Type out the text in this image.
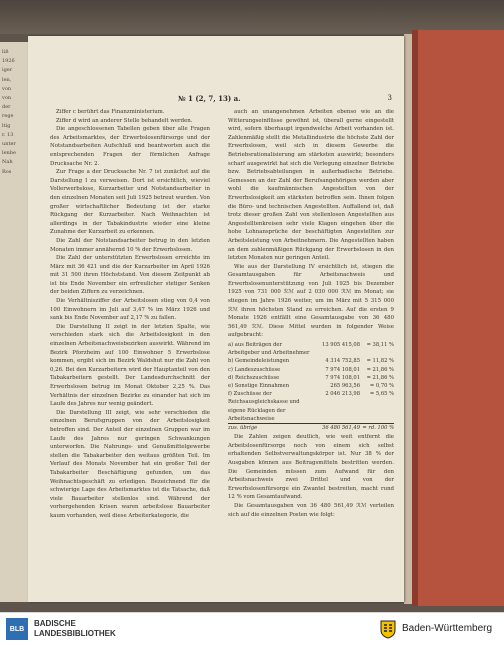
liß
1926
iger
len,
von
von
der
rege
ltig
r. 13
unter
lenbe
Nah
Ros
№ 1 (2, 7, 13) a.	3

Ziffer c berührt das Finanzministerium.

Ziffer d wird an anderer Stelle behandelt werden.

Die angeschlossenen Tabellen geben über alle Fragen des Arbeitsmarktes, der Erwerbslosenfürsorge und der Notstandsarbeiten Aufschluß und beantworten auch die entsprechenden Fragen der förmlichen Anfrage Drucksache Nr. 2.

Zur Frage a der Drucksache Nr. 7 ist zunächst auf die Darstellung I zu verweisen. Dort ist ersichtlich, wieviel Vollerwerbslose, Kurzarbeiter und Notstandsarbeiter in den einzelnen Monaten seit Juli 1925 betreut wurden. Von großer wirtschaftlicher Bedeutung ist der starke Rückgang der Kurzarbeiter. Nach Weihnachten ist allerdings in der Tabakindustrie wieder eine kleine Zunahme der Kurzarbeit zu erkennen.

Die Zahl der Notstandsarbeiter betrug in den letzten Monaten immer annähernd 10 % der Erwerbslosen.

Die Zahl der unterstützten Erwerbslosen erreichte im März mit 36 421 und die der Kurzarbeiter im April 1926 mit 31 500 ihren Höchststand. Von diesem Zeitpunkt ab ist bis Ende November ein erfreulicher stetiger Senken der beiden Ziffern zu verzeichnen.

Die Verhältnisziffer der Arbeitslosen stieg von 0,4 von 100 Einwohnern im Juli auf 3,47 % im März 1926 und sank bis Ende November auf 2,17 % zu fallen.

Die Darstellung II zeigt in der letzten Spalte, wie verschieden stark sich die Arbeitslosigkeit in den einzelnen Arbeitsnachweisbezirken auswirkt. Während im Bezirk Pforzheim auf 100 Einwohner 5 Erwerbslose kommen, ergibt sich im Bezirk Waldshut nur die Zahl von 0,26. Bei den Kurzarbeitern wird der Hauptanteil von den Tabakarbeitern gestellt. Der Landesdurchschnitt der Erwerbslosen betrug im Monat Oktober 2,25 %. Das Verhältnis der einzelnen Bezirke zu einander hat sich im Laufe des Jahres nur wenig geändert.

Die Darstellung III zeigt, wie sehr verschieden die einzelnen Berufsgruppen von der Arbeitslosigkeit betroffen sind. Der Anteil der einzelnen Gruppen war im Laufe des Jahres nur geringen Schwankungen unterworfen. Die Nahrungs- und Genußmittelgewerbe stellen die Tabakarbeiter den weitaus größten Teil. Im Verlauf des Monats November hat ein großer Teil der Tabakarbeiter Beschäftigung gefunden, um das Weihnachtsgeschäft zu erledigen. Bezeichnend für die schwierige Lage des Arbeitsmarktes ist die Tatsache, daß viele Bauarbeiter stellenlos sind. Während der vorhergehenden Krisen waren arbeitslose Bauarbeiter kaum vorhanden, weil diese Arbeiterkategorie, die

auch an unangenehmen Arbeiten ebenso wie an die Witterungseinflüsse gewöhnt ist, überall gerne eingestellt wird, sofern überhaupt irgendwelche Arbeit vorhanden ist. Zahlenmäßig stellt die Metallindustrie die höchste Zahl der Erwerbslosen, weil sich in diesem Gewerbe die Betriebsrationalisierung am stärksten auswirkt; besonders scharf ausgewirkt hat sich die Verlegung einzelner Betriebe bzw. Betriebsabteilungen in außerbadische Betriebe. Gemessen an der Zahl der Berufsangehörigen werden aber wohl die kaufmännischen Angestellten von der Erwerbslosigkeit am stärksten betroffen sein. Ihnen folgen die Büro- und technischen Angestellten. Auffallend ist, daß trotz dieser großen Zahl von stellenlosen Angestellten aus Angestelltenkreisen sehr viele Klagen eingehen über die hohe Lohnansprüche der beschäftigten Angestellten zur Arbeitsleistung von Arbeitnehmern. Die Angestellten haben an dem zahlenmäßigen Rückgang der Erwerbslosen in den letzten Monaten nur geringen Anteil.

Wie aus der Darstellung IV ersichtlich ist, stiegen die Gesamtausgaben für Arbeitsnachweis und Erwerbslosenunterstützung von Juli 1925 bis Dezember 1925 von 731 000 ℛℳ auf 2 030 000 ℛℳ im Monat; sie stiegen im Jahre 1926 weiter, um im März mit 5 315 000 ℛℳ ihren höchsten Stand zu erreichen. Auf die ersten 9 Monate 1926 entfällt eine Gesamtausgabe von 36 480 561,49 ℛℳ. Diese Mittel wurden in folgender Weise aufgebracht:

a) aus Beiträgen der Arbeitgeber und Arbeitnehmer	13 905 415,08	= 38,11 %
b) Gemeindeleistungen	4 314 752,85	= 11,82 %
c) Landeszuschüsse	7 974 108,01	= 21,86 %
d) Reichszuschüsse	7 974 108,01	= 21,86 %
e) Sonstige Einnahmen	265 963,56	= 0,70 %
f) Zuschüsse der Reichsausgleichskasse und eigene Rücklagen der Arbeitsnachweise	2 046 213,98	= 5,65 %
zus. übrige	36 480 561,49	= rd. 100 %

Die Zahlen zeigen deutlich, wie weit entfernt die Arbeitslosenfürsorge noch von einem sich selbst erhaltenden Selbstverwaltungskörper ist. Nur 38 % der Ausgaben können aus Beitragsmitteln bestritten werden. Die Gemeinden müssen zum Aufwand für den Arbeitsnachweis zwei Drittel und von der Erwerbslosenfürsorge ein Zwantel bestreiten, macht rund 12 % vom Gesamtaufwand.

Die Gesamtausgaben von 36 480 561,49 ℛℳ verteilen sich auf die einzelnen Posten wie folgt:

BLB
BADISCHE
LANDESBIBLIOTHEK	Baden-Württemberg
